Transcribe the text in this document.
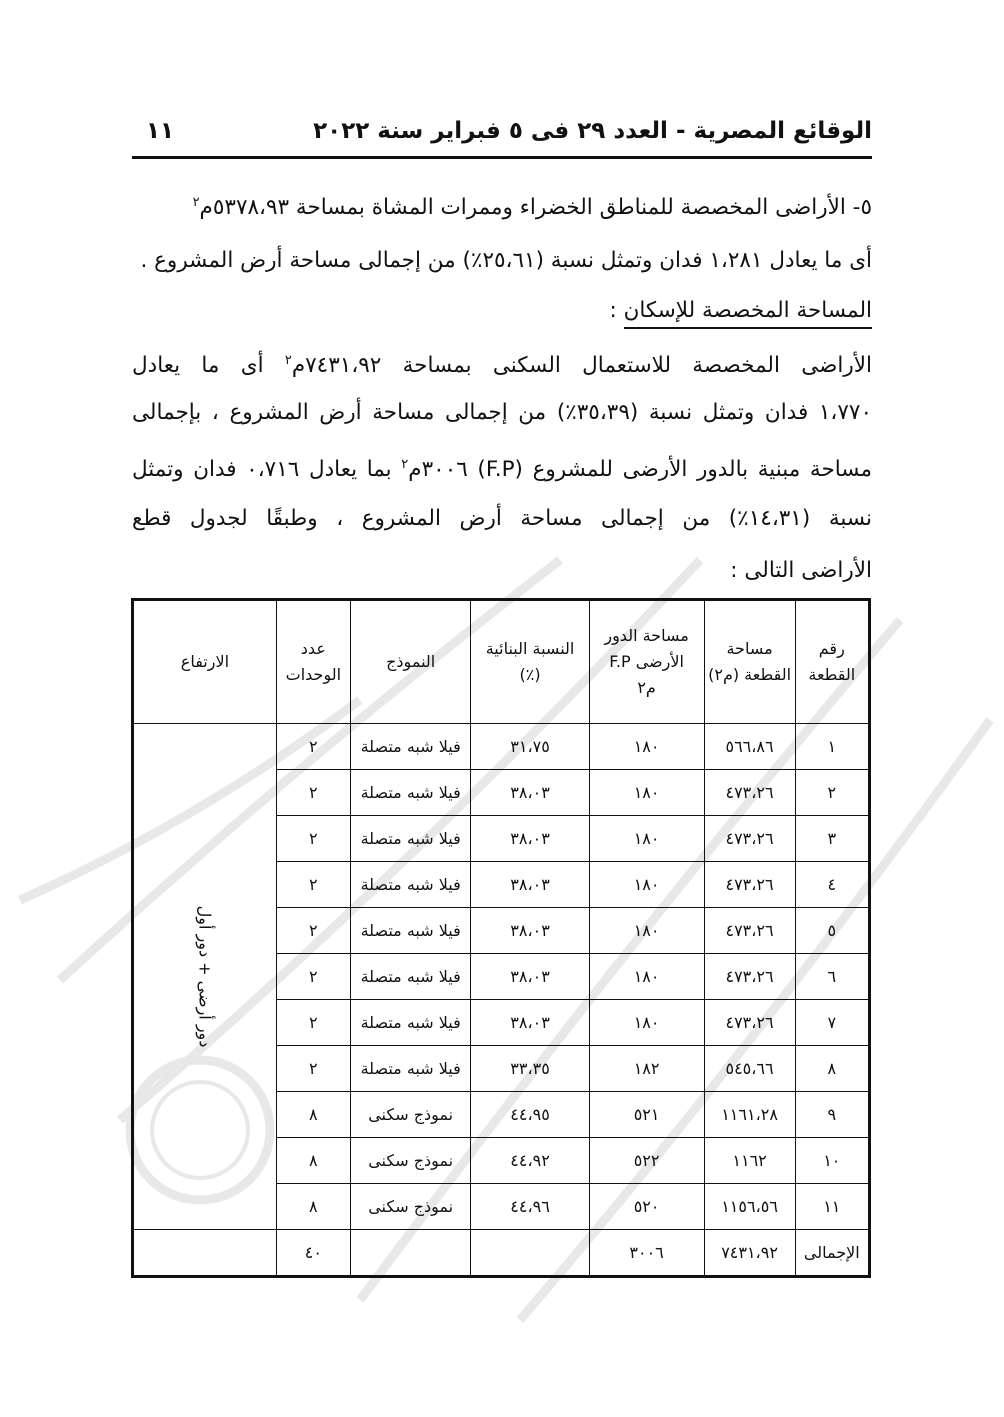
الوقائع المصرية - العدد ٢٩ فى ٥ فبراير سنة ٢٠٢٢
١١
٥- الأراضى المخصصة للمناطق الخضراء وممرات المشاة بمساحة ٥٣٧٨،٩٣م$^٢$
أى ما يعادل ١،٢٨١ فدان وتمثل نسبة (٢٥،٦١٪) من إجمالى مساحة أرض المشروع .
المساحة المخصصة للإسكان :
الأراضى المخصصة للاستعمال السكنى بمساحة ٧٤٣١،٩٢م$^٢$ أى ما يعادل
١،٧٧٠ فدان وتمثل نسبة (٣٥،٣٩٪) من إجمالى مساحة أرض المشروع ، بإجمالى
مساحة مبنية بالدور الأرضى للمشروع (F.P) ٣٠٠٦م$^٢$ بما يعادل ٠،٧١٦ فدان وتمثل
نسبة (١٤،٣١٪) من إجمالى مساحة أرض المشروع ، وطبقًا لجدول قطع
الأراضى التالى :
رقم القطعة	مساحة القطعة (م٢)	مساحة الدور الأرضى F.P م٢	النسبة البنائية (٪)	النموذج	عدد الوحدات	الارتفاع
١	٥٦٦،٨٦	١٨٠	٣١،٧٥	فيلا شبه متصلة	٢	دور أرضى + دور أول
٢	٤٧٣،٢٦	١٨٠	٣٨،٠٣	فيلا شبه متصلة	٢	
٣	٤٧٣،٢٦	١٨٠	٣٨،٠٣	فيلا شبه متصلة	٢	
٤	٤٧٣،٢٦	١٨٠	٣٨،٠٣	فيلا شبه متصلة	٢	
٥	٤٧٣،٢٦	١٨٠	٣٨،٠٣	فيلا شبه متصلة	٢	
٦	٤٧٣،٢٦	١٨٠	٣٨،٠٣	فيلا شبه متصلة	٢	
٧	٤٧٣،٢٦	١٨٠	٣٨،٠٣	فيلا شبه متصلة	٢	
٨	٥٤٥،٦٦	١٨٢	٣٣،٣٥	فيلا شبه متصلة	٢	
٩	١١٦١،٢٨	٥٢١	٤٤،٩٥	نموذج سكنى	٨	
١٠	١١٦٢	٥٢٢	٤٤،٩٢	نموذج سكنى	٨	
١١	١١٥٦،٥٦	٥٢٠	٤٤،٩٦	نموذج سكنى	٨	
الإجمالى	٧٤٣١،٩٢	٣٠٠٦			٤٠	
